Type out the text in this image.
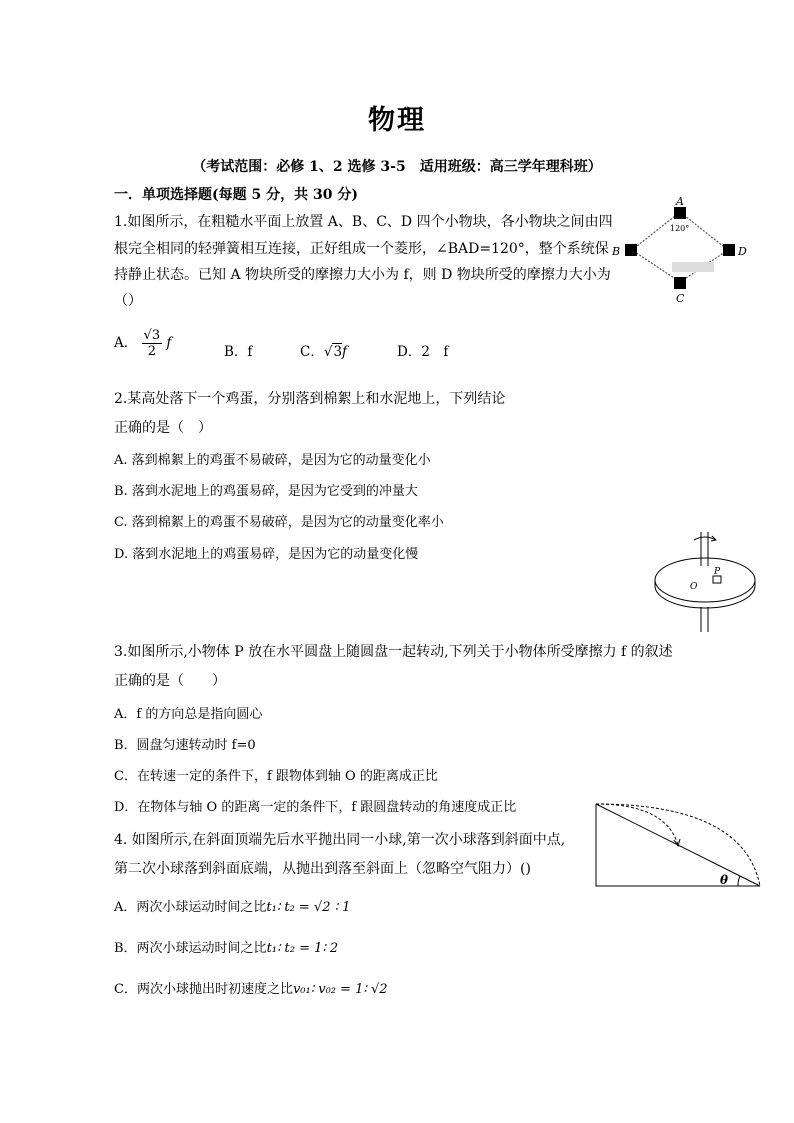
物理
（考试范围：必修 1、2 选修 3-5　适用班级：高三学年理科班）
一．单项选择题(每题 5 分，共 30 分)
1.如图所示，在粗糙水平面上放置 A、B、C、D 四个小物块，各小物块之间由四
根完全相同的轻弹簧相互连接，正好组成一个菱形，∠BAD=120°，整个系统保
持静止状态。已知 A 物块所受的摩擦力大小为 f，则 D 物块所受的摩擦力大小为
（）
A． $\frac{√3}{2}$ f
B．f	C．√3f	D．2　f
A
B
C
D
120°
2.某高处落下一个鸡蛋，分别落到棉絮上和水泥地上，下列结论
正确的是（　）
A. 落到棉絮上的鸡蛋不易破碎，是因为它的动量变化小
B. 落到水泥地上的鸡蛋易碎，是因为它受到的冲量大
C. 落到棉絮上的鸡蛋不易破碎，是因为它的动量变化率小
D. 落到水泥地上的鸡蛋易碎，是因为它的动量变化慢
P
O
3.如图所示,小物体 P 放在水平圆盘上随圆盘一起转动,下列关于小物体所受摩擦力 f 的叙述
正确的是（　　）
A．f 的方向总是指向圆心
B．圆盘匀速转动时 f=0
C．在转速一定的条件下，f 跟物体到轴 O 的距离成正比
D．在物体与轴 O 的距离一定的条件下，f 跟圆盘转动的角速度成正比
θ
4. 如图所示,在斜面顶端先后水平抛出同一小球,第一次小球落到斜面中点,
第二次小球落到斜面底端，从抛出到落至斜面上（忽略空气阻力）()
A．两次小球运动时间之比t₁∶ t₂ = √2 ∶ 1
B．两次小球运动时间之比t₁∶ t₂ = 1∶ 2
C．两次小球抛出时初速度之比v₀₁∶ v₀₂ = 1∶ √2
